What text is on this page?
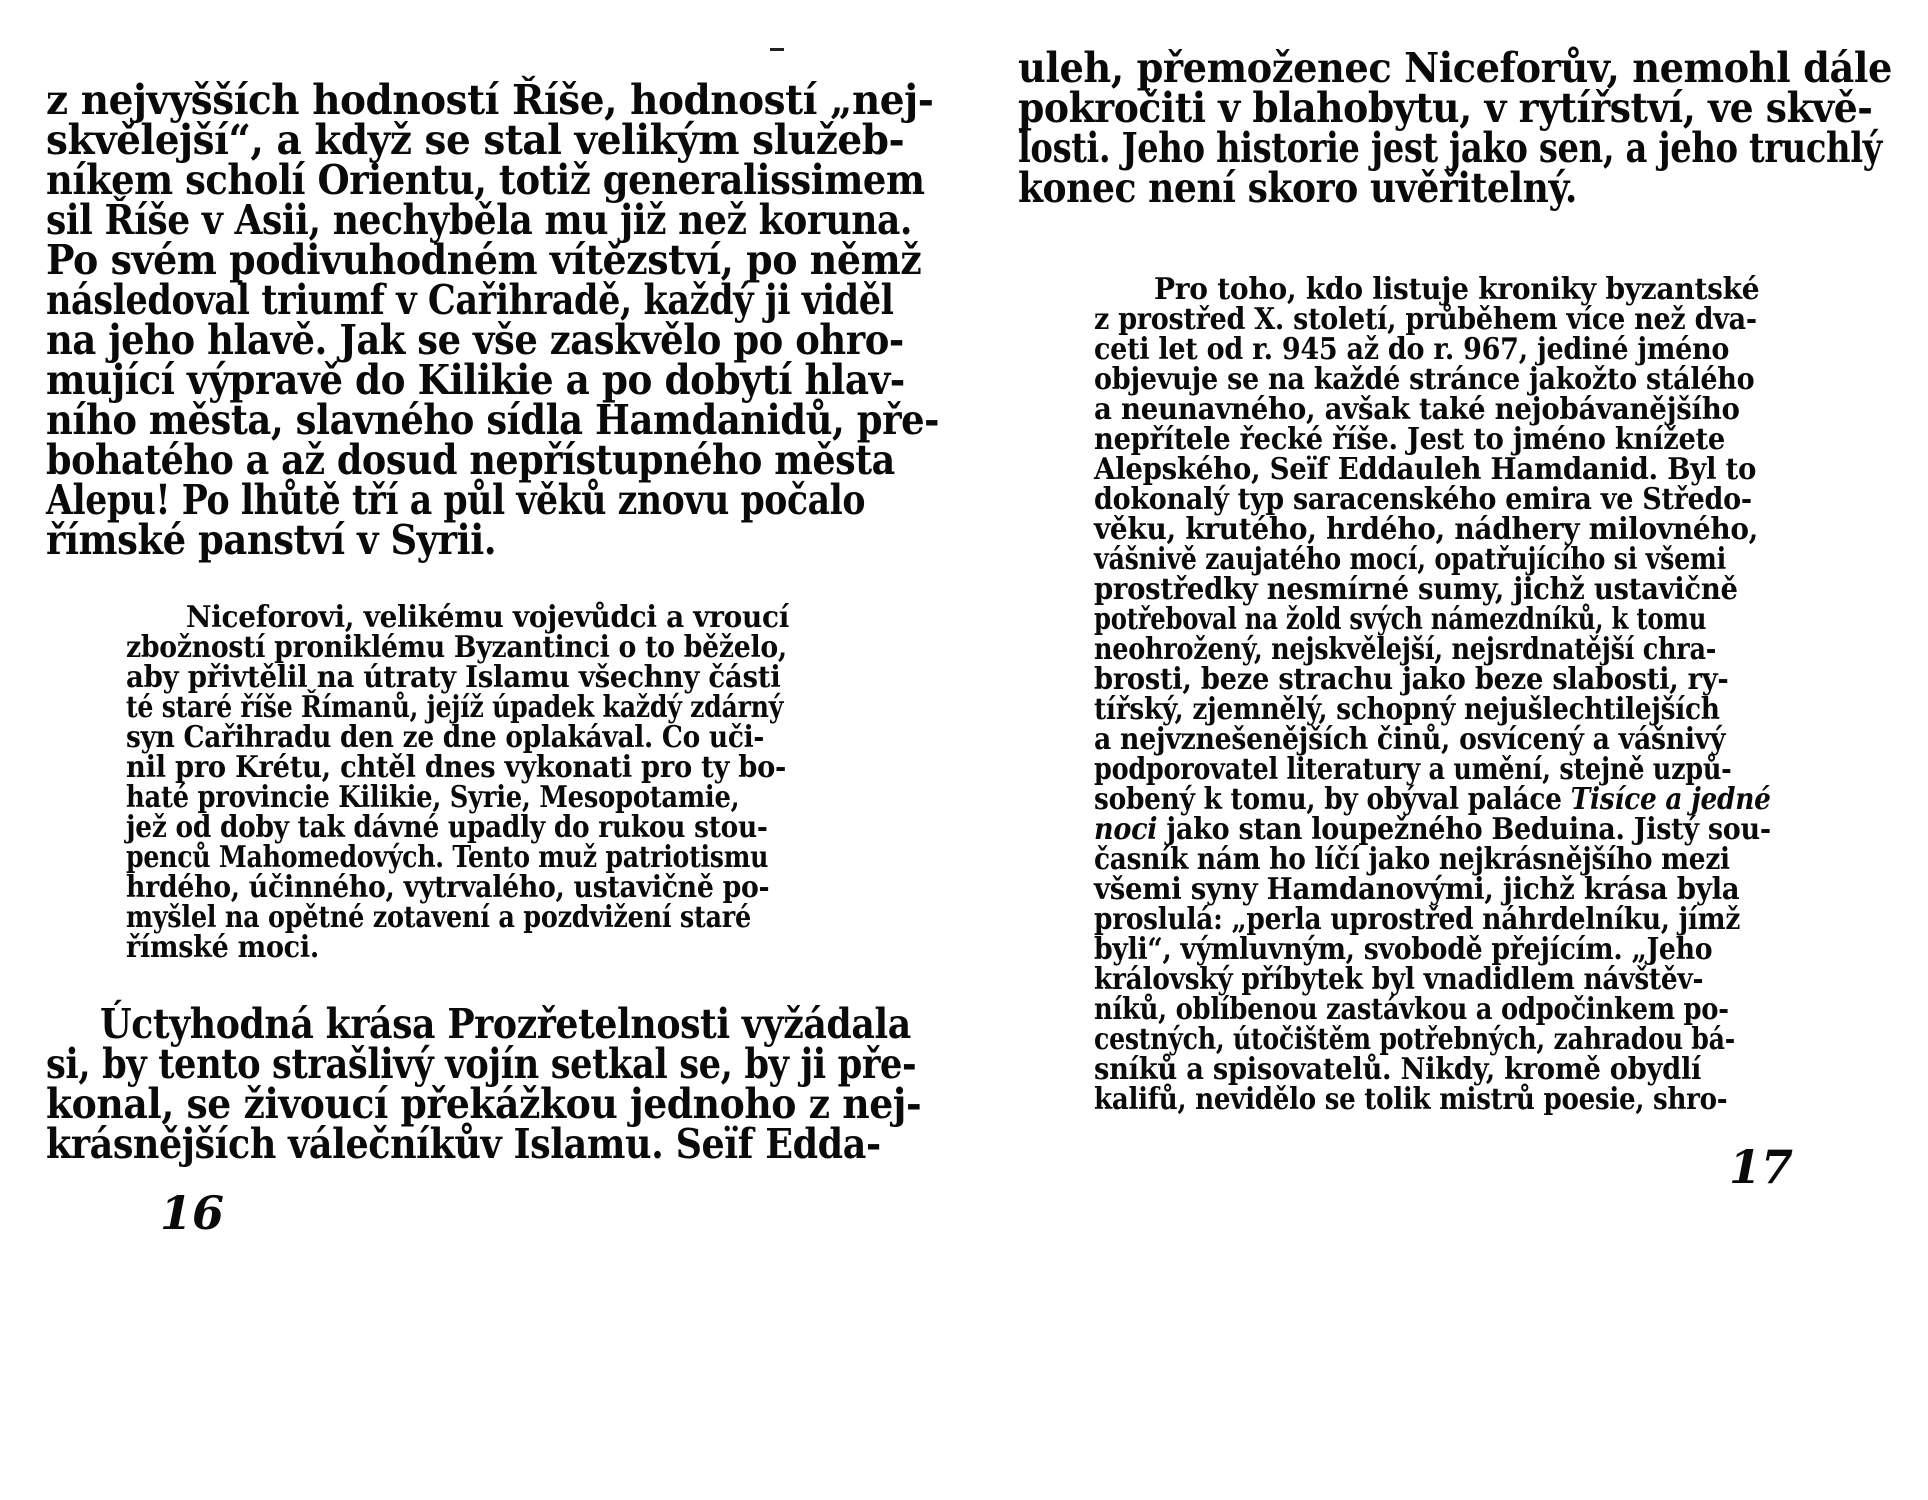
z nejvyšších hodností Říše, hodností „nej-
skvělejší“, a když se stal velikým služeb-
níkem scholí Orientu, totiž generalissimem
sil Říše v Asii, nechyběla mu již než koruna.
Po svém podivuhodném vítězství, po němž
následoval triumf v Cařihradě, každý ji viděl
na jeho hlavě. Jak se vše zaskvělo po ohro-
mující výpravě do Kilikie a po dobytí hlav-
ního města, slavného sídla Hamdanidů, pře-
bohatého a až dosud nepřístupného města
Alepu! Po lhůtě tří a půl věků znovu počalo
římské panství v Syrii.
Niceforovi, velikému vojevůdci a vroucí
zbožností proniklému Byzantinci o to běželo,
aby přivtělil na útraty Islamu všechny části
té staré říše Římanů, jejíž úpadek každý zdárný
syn Cařihradu den ze dne oplakával. Co uči-
nil pro Krétu, chtěl dnes vykonati pro ty bo-
haté provincie Kilikie, Syrie, Mesopotamie,
jež od doby tak dávné upadly do rukou stou-
penců Mahomedových. Tento muž patriotismu
hrdého, účinného, vytrvalého, ustavičně po-
myšlel na opětné zotavení a pozdvižení staré
římské moci.
Úctyhodná krása Prozřetelnosti vyžádala
si, by tento strašlivý vojín setkal se, by ji pře-
konal, se živoucí překážkou jednoho z nej-
krásnějších válečníkův Islamu. Seïf Edda-
16
uleh, přemoženec Niceforův, nemohl dále
pokročiti v blahobytu, v rytířství, ve skvě-
losti. Jeho historie jest jako sen, a jeho truchlý
konec není skoro uvěřitelný.
Pro toho, kdo listuje kroniky byzantské
z prostřed X. století, průběhem více než dva-
ceti let od r. 945 až do r. 967, jediné jméno
objevuje se na každé stránce jakožto stálého
a neunavného, avšak také nejobávanějšího
nepřítele řecké říše. Jest to jméno knížete
Alepského, Seïf Eddauleh Hamdanid. Byl to
dokonalý typ saracenského emira ve Středo-
věku, krutého, hrdého, nádhery milovného,
vášnivě zaujatého mocí, opatřujícího si všemi
prostředky nesmírné sumy, jichž ustavičně
potřeboval na žold svých námezdníků, k tomu
neohrožený, nejskvělejší, nejsrdnatější chra-
brosti, beze strachu jako beze slabosti, ry-
tířský, zjemnělý, schopný nejušlechtilejších
a nejvznešenějších činů, osvícený a vášnivý
podporovatel literatury a umění, stejně uzpů-
sobený k tomu, by obýval paláce Tisíce a jedné
noci jako stan loupežného Beduina. Jistý sou-
časník nám ho líčí jako nejkrásnějšího mezi
všemi syny Hamdanovými, jichž krása byla
proslulá: „perla uprostřed náhrdelníku, jímž
byli“, výmluvným, svobodě přejícím. „Jeho
královský příbytek byl vnadidlem návštěv-
níků, oblíbenou zastávkou a odpočinkem po-
cestných, útočištěm potřebných, zahradou bá-
sníků a spisovatelů. Nikdy, kromě obydlí
kalifů, nevidělo se tolik mistrů poesie, shro-
17
